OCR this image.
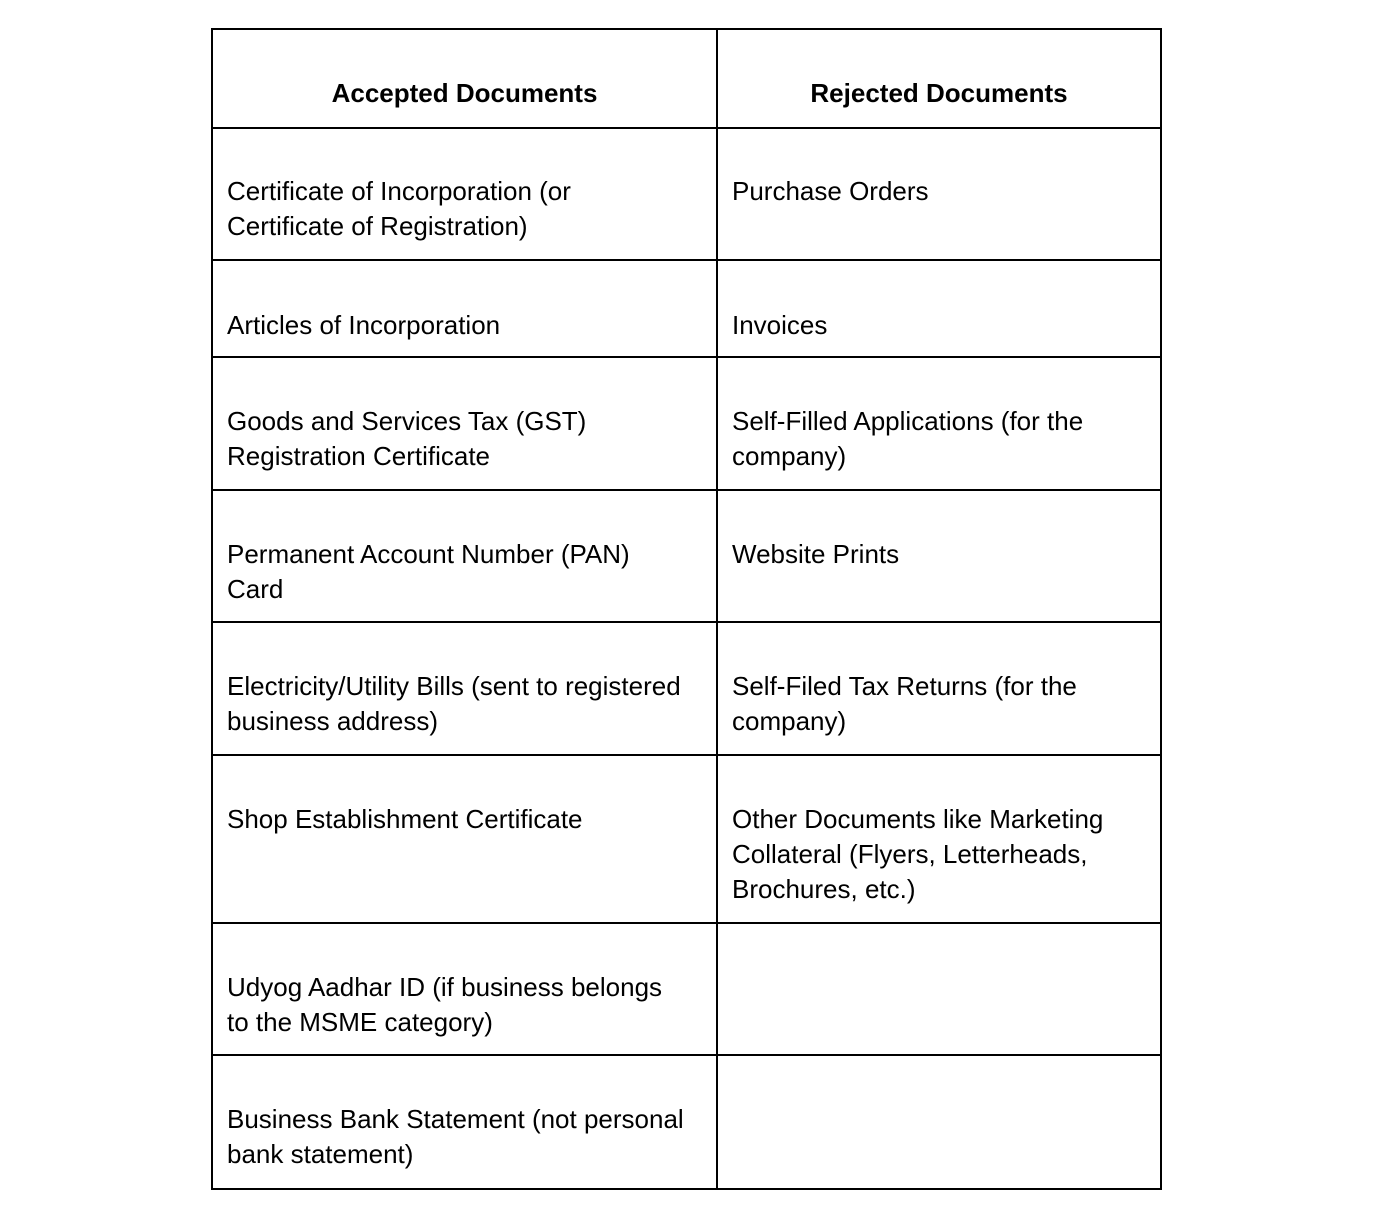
Accepted Documents	Rejected Documents

Certificate of Incorporation (or
Certificate of Registration)	Purchase Orders

Articles of Incorporation	Invoices

Goods and Services Tax (GST)
Registration Certificate	Self-Filled Applications (for the
company)

Permanent Account Number (PAN)
Card	Website Prints

Electricity/Utility Bills (sent to registered
business address)	Self-Filed Tax Returns (for the
company)

Shop Establishment Certificate	Other Documents like Marketing
Collateral (Flyers, Letterheads,
Brochures, etc.)

Udyog Aadhar ID (if business belongs
to the MSME category)	

Business Bank Statement (not personal
bank statement)	
